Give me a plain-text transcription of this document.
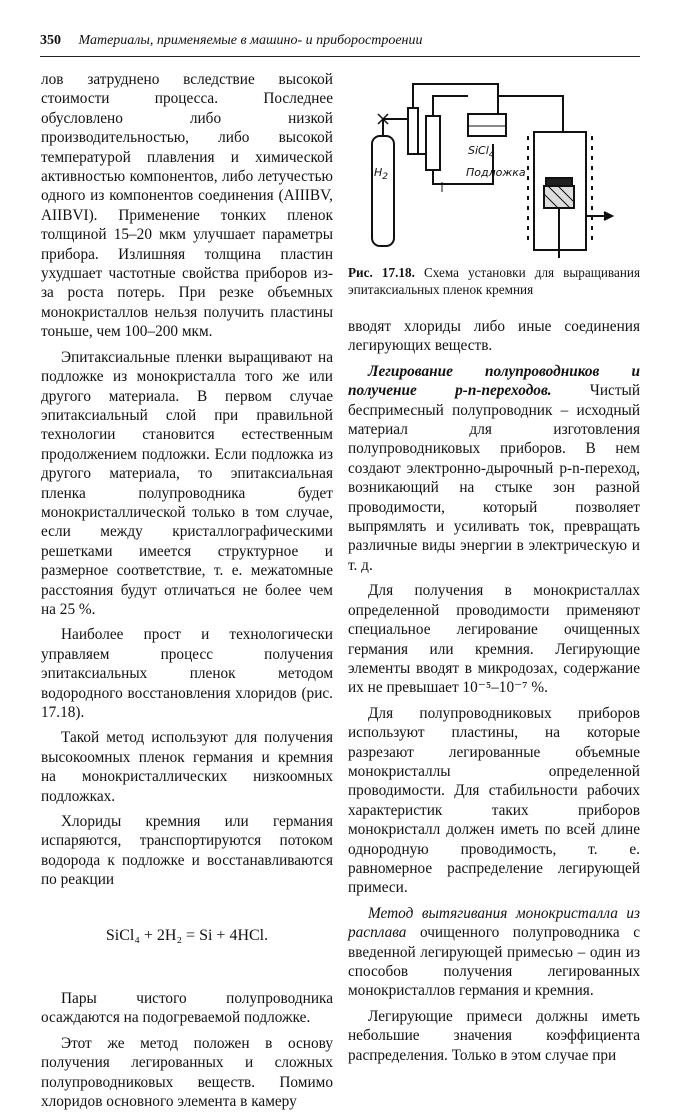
350 Материалы, применяемые в машино- и приборостроении

лов затруднено вследствие высокой стоимости процесса. Последнее обусловлено либо низкой производительностью, либо высокой температурой плавления и химической активностью компонентов, либо летучестью одного из компонентов соединения (AIIIBV, AIIBVI). Применение тонких пленок толщиной 15–20 мкм улучшает параметры прибора. Излишняя толщина пластин ухудшает частотные свойства приборов из-за роста потерь. При резке объемных монокристаллов нельзя получить пластины тоньше, чем 100–200 мкм.

Эпитаксиальные пленки выращивают на подложке из монокристалла того же или другого материала. В первом случае эпитаксиальный слой при правильной технологии становится естественным продолжением подложки. Если подложка из другого материала, то эпитаксиальная пленка полупроводника будет монокристаллической только в том случае, если между кристаллографическими решетками имеется структурное и размерное соответствие, т. е. межатомные расстояния будут отличаться не более чем на 25 %.

Наиболее прост и технологически управляем процесс получения эпитаксиальных пленок методом водородного восстановления хлоридов (рис. 17.18).

Такой метод используют для получения высокоомных пленок германия и кремния на монокристаллических низкоомных подложках.

Хлориды кремния или германия испаряются, транспортируются потоком водорода к подложке и восстанавливаются по реакции

SiCl₄ + 2H₂ = Si + 4HCl.

Пары чистого полупроводника осаждаются на подогреваемой подложке.

Этот же метод положен в основу получения легированных и сложных полупроводниковых веществ. Помимо хлоридов основного элемента в камеру

$H_2$
SiCl$_4$
Подложка
Рис. 17.18. Схема установки для выращивания эпитаксиальных пленок кремния

вводят хлориды либо иные соединения легирующих веществ.

Легирование полупроводников и получение p-n-переходов. Чистый беспримесный полупроводник – исходный материал для изготовления полупроводниковых приборов. В нем создают электронно-дырочный p-n-переход, возникающий на стыке зон разной проводимости, который позволяет выпрямлять и усиливать ток, превращать различные виды энергии в электрическую и т. д.

Для получения в монокристаллах определенной проводимости применяют специальное легирование очищенных германия или кремния. Легирующие элементы вводят в микродозах, содержание их не превышает 10⁻⁵–10⁻⁷ %.

Для полупроводниковых приборов используют пластины, на которые разрезают легированные объемные монокристаллы определенной проводимости. Для стабильности рабочих характеристик таких приборов монокристалл должен иметь по всей длине однородную проводимость, т. е. равномерное распределение легирующей примеси.

Метод вытягивания монокристалла из расплава очищенного полупроводника с введенной легирующей примесью – один из способов получения легированных монокристаллов германия и кремния.

Легирующие примеси должны иметь небольшие значения коэффициента распределения. Только в этом случае при
